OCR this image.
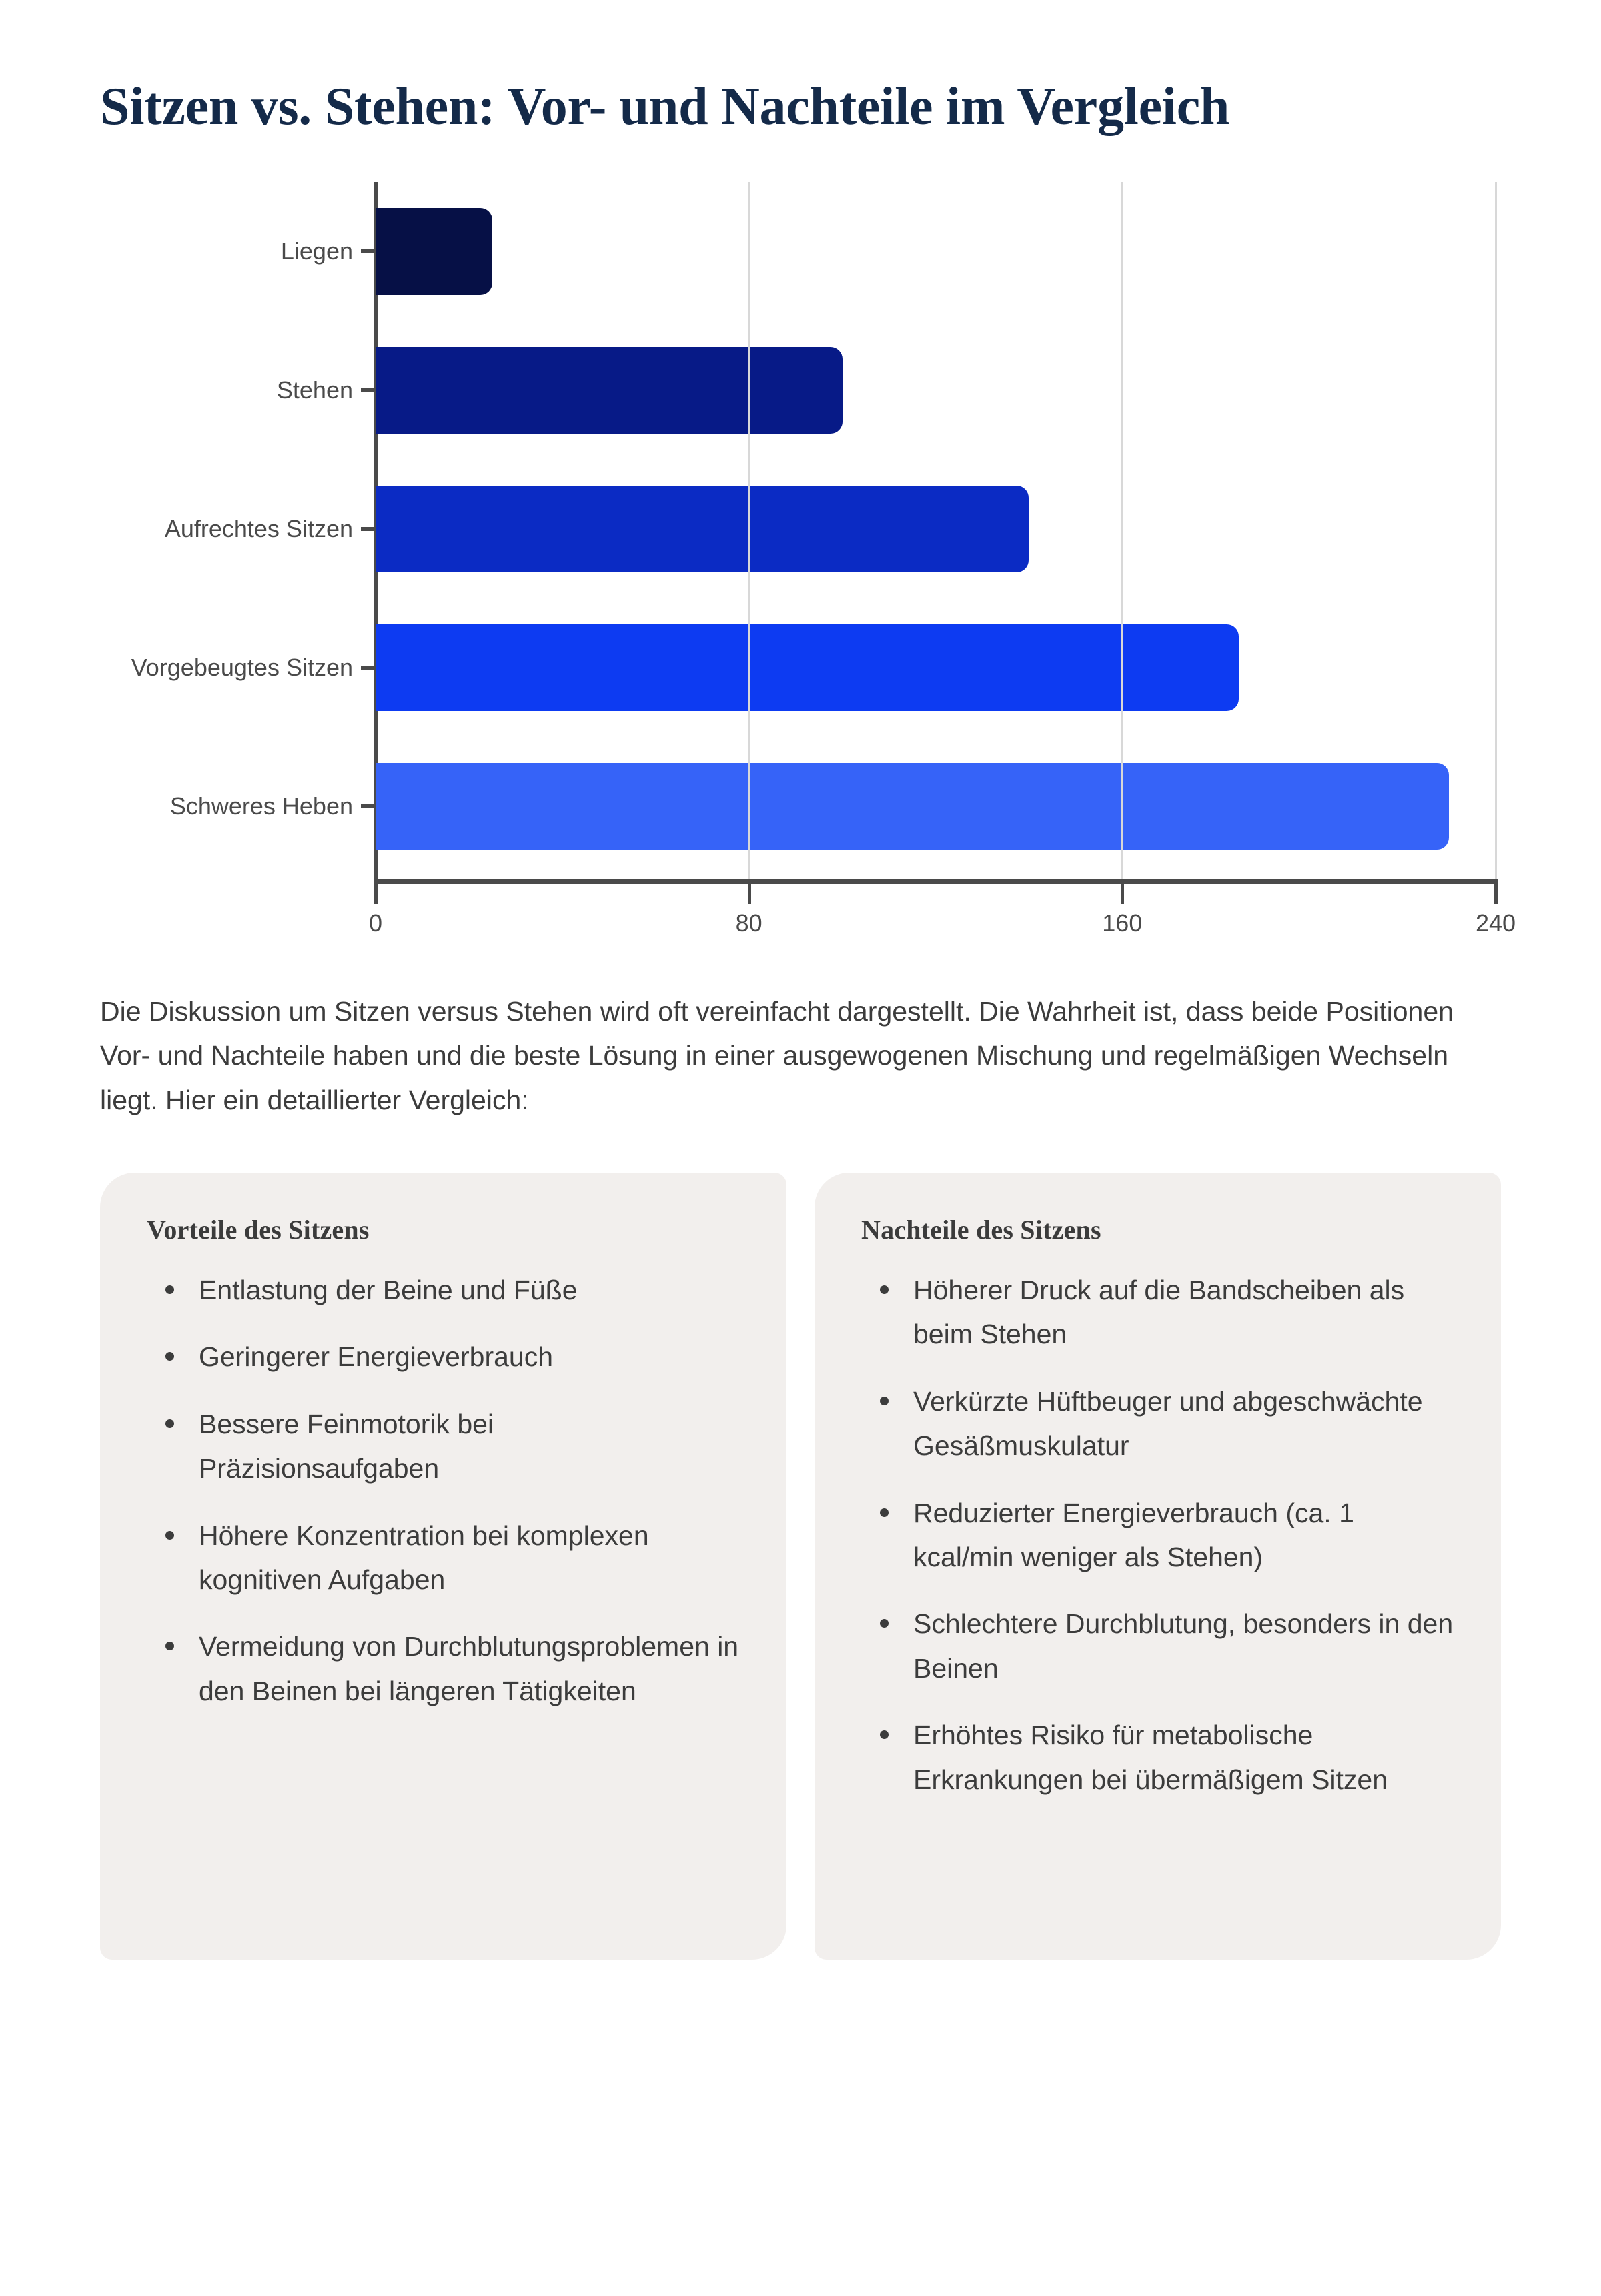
Sitzen vs. Stehen: Vor- und Nachteile im Vergleich
Liegen
Stehen
Aufrechtes Sitzen
Vorgebeugtes Sitzen
Schweres Heben
0	80	160	240

Die Diskussion um Sitzen versus Stehen wird oft vereinfacht dargestellt. Die Wahrheit ist, dass beide Positionen Vor- und Nachteile haben und die beste Lösung in einer ausgewogenen Mischung und regelmäßigen Wechseln liegt. Hier ein detaillierter Vergleich:

Vorteile des Sitzens
Entlastung der Beine und Füße
Geringerer Energieverbrauch
Bessere Feinmotorik bei Präzisionsaufgaben
Höhere Konzentration bei komplexen kognitiven Aufgaben
Vermeidung von Durchblutungsproblemen in den Beinen bei längeren Tätigkeiten
Nachteile des Sitzens
Höherer Druck auf die Bandscheiben als beim Stehen
Verkürzte Hüftbeuger und abgeschwächte Gesäßmuskulatur
Reduzierter Energieverbrauch (ca. 1 kcal/min weniger als Stehen)
Schlechtere Durchblutung, besonders in den Beinen
Erhöhtes Risiko für metabolische Erkrankungen bei übermäßigem Sitzen
